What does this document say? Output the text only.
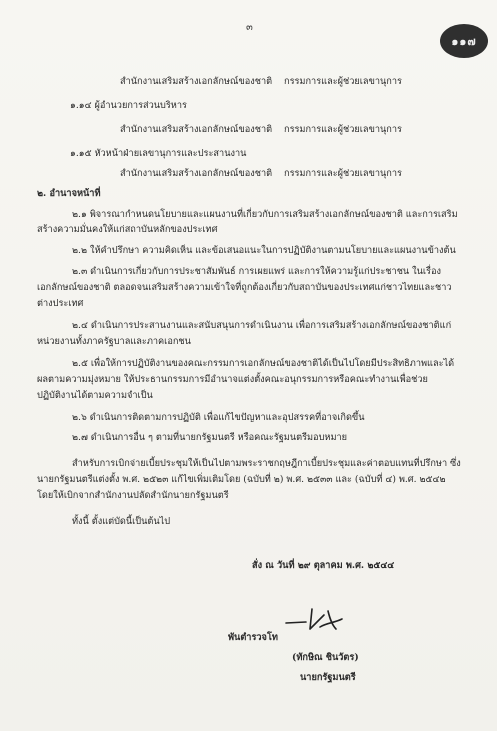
๓
๑๑๗
สำนักงานเสริมสร้างเอกลักษณ์ของชาติ กรรมการและผู้ช่วยเลขานุการ
๑.๑๔ ผู้อำนวยการส่วนบริหาร
สำนักงานเสริมสร้างเอกลักษณ์ของชาติ กรรมการและผู้ช่วยเลขานุการ
๑.๑๕ หัวหน้าฝ่ายเลขานุการและประสานงาน
สำนักงานเสริมสร้างเอกลักษณ์ของชาติ กรรมการและผู้ช่วยเลขานุการ
๒. อำนาจหน้าที่
๒.๑ พิจารณากำหนดนโยบายและแผนงานที่เกี่ยวกับการเสริมสร้างเอกลักษณ์ของชาติ และการเสริม
สร้างความมั่นคงให้แก่สถาบันหลักของประเทศ
๒.๒ ให้คำปรึกษา ความคิดเห็น และข้อเสนอแนะในการปฏิบัติงานตามนโยบายและแผนงานข้างต้น
๒.๓ ดำเนินการเกี่ยวกับการประชาสัมพันธ์ การเผยแพร่ และการให้ความรู้แก่ประชาชน ในเรื่อง
เอกลักษณ์ของชาติ ตลอดจนเสริมสร้างความเข้าใจที่ถูกต้องเกี่ยวกับสถาบันของประเทศแก่ชาวไทยและชาว
ต่างประเทศ
๒.๔ ดำเนินการประสานงานและสนับสนุนการดำเนินงาน เพื่อการเสริมสร้างเอกลักษณ์ของชาติแก่
หน่วยงานทั้งภาครัฐบาลและภาคเอกชน
๒.๕ เพื่อให้การปฏิบัติงานของคณะกรรมการเอกลักษณ์ของชาติได้เป็นไปโดยมีประสิทธิภาพและได้
ผลตามความมุ่งหมาย ให้ประธานกรรมการมีอำนาจแต่งตั้งคณะอนุกรรมการหรือคณะทำงานเพื่อช่วย
ปฏิบัติงานได้ตามความจำเป็น
๒.๖ ดำเนินการติดตามการปฏิบัติ เพื่อแก้ไขปัญหาและอุปสรรคที่อาจเกิดขึ้น
๒.๗ ดำเนินการอื่น ๆ ตามที่นายกรัฐมนตรี หรือคณะรัฐมนตรีมอบหมาย
สำหรับการเบิกจ่ายเบี้ยประชุมให้เป็นไปตามพระราชกฤษฎีกาเบี้ยประชุมและค่าตอบแทนที่ปรึกษา ซึ่ง
นายกรัฐมนตรีแต่งตั้ง พ.ศ. ๒๕๒๓ แก้ไขเพิ่มเติมโดย (ฉบับที่ ๒) พ.ศ. ๒๕๓๓ และ (ฉบับที่ ๔) พ.ศ. ๒๕๔๒
โดยให้เบิกจากสำนักงานปลัดสำนักนายกรัฐมนตรี
ทั้งนี้ ตั้งแต่บัดนี้เป็นต้นไป
สั่ง ณ วันที่ ๒๙ ตุลาคม พ.ศ. ๒๕๔๔
พันตำรวจโท
(ทักษิณ ชินวัตร)
นายกรัฐมนตรี
